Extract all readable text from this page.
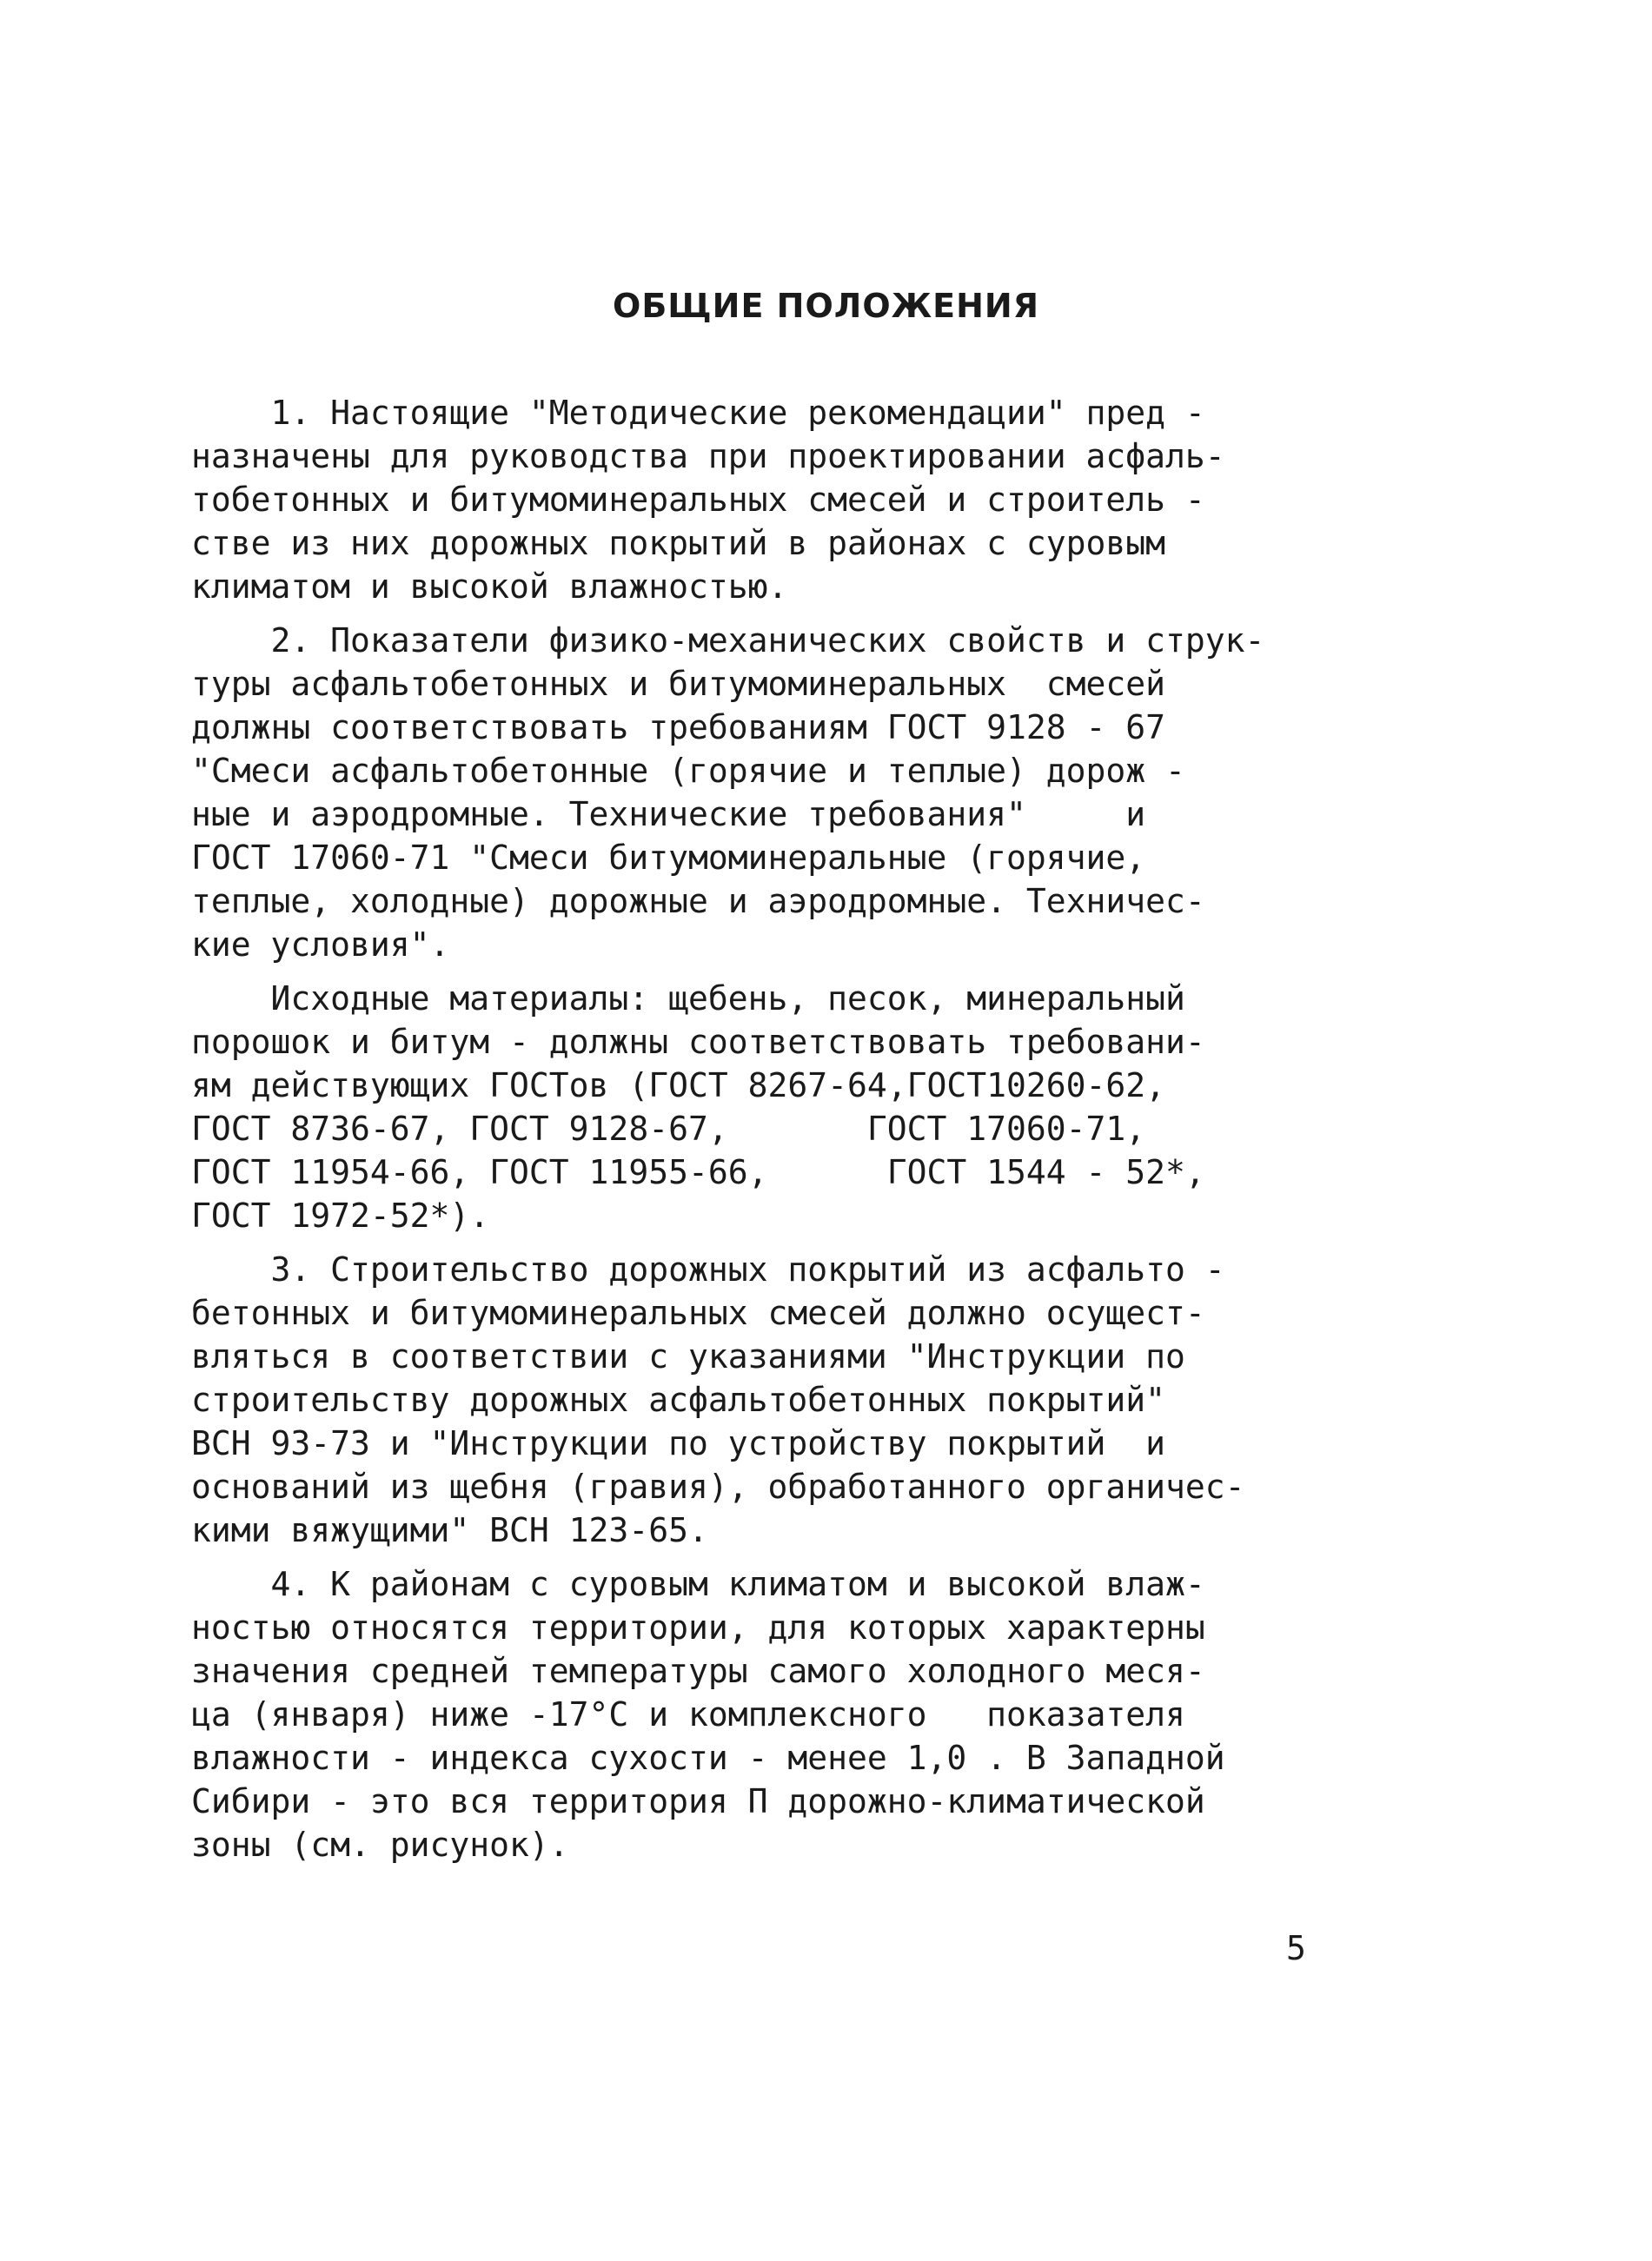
ОБЩИЕ ПОЛОЖЕНИЯ
1. Настоящие "Методические рекомендации" пред -
назначены для руководства при проектировании асфаль-
тобетонных и битумоминеральных смесей и строитель -
стве из них дорожных покрытий в районах с суровым
климатом и высокой влажностью.
2. Показатели физико-механических свойств и струк-
туры асфальтобетонных и битумоминеральных  смесей
должны соответствовать требованиям ГОСТ 9128 - 67
"Смеси асфальтобетонные (горячие и теплые) дорож -
ные и аэродромные. Технические требования"     и
ГОСТ 17060-71 "Смеси битумоминеральные (горячие,
теплые, холодные) дорожные и аэродромные. Техничес-
кие условия".
Исходные материалы: щебень, песок, минеральный
порошок и битум - должны соответствовать требовани-
ям действующих ГОСТов (ГОСТ 8267-64,ГОСТ10260-62,
ГОСТ 8736-67, ГОСТ 9128-67,       ГОСТ 17060-71,
ГОСТ 11954-66, ГОСТ 11955-66,      ГОСТ 1544 - 52*,
ГОСТ 1972-52*).
3. Строительство дорожных покрытий из асфальто -
бетонных и битумоминеральных смесей должно осущест-
вляться в соответствии с указаниями "Инструкции по
строительству дорожных асфальтобетонных покрытий"
ВСН 93-73 и "Инструкции по устройству покрытий  и
оснований из щебня (гравия), обработанного органичес-
кими вяжущими" ВСН 123-65.
4. К районам с суровым климатом и высокой влаж-
ностью относятся территории, для которых характерны
значения средней температуры самого холодного меся-
ца (января) ниже -17°С и комплексного   показателя
влажности - индекса сухости - менее 1,0 . В Западной
Сибири - это вся территория П дорожно-климатической
зоны (см. рисунок).
5
